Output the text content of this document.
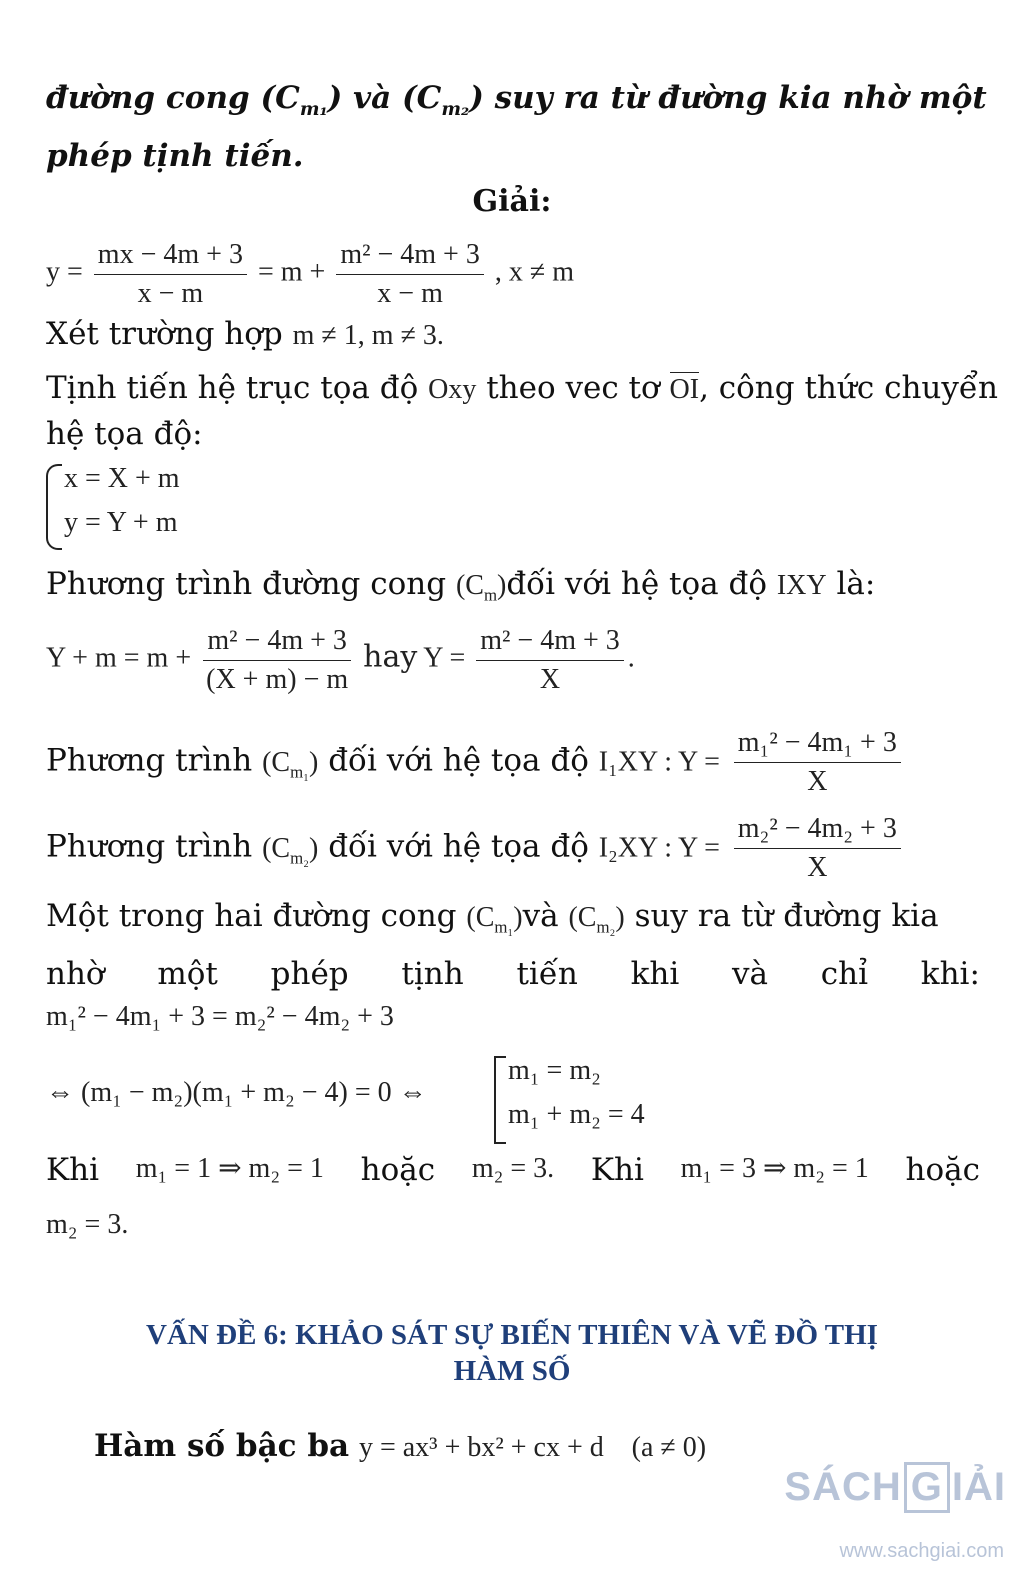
đường cong $(C_{m_1})$ và $(C_{m_2})$ suy ra từ đường kia nhờ một
phép tịnh tiến.
Giải:
$y = \frac{mx - 4m + 3}{x - m} = m + \frac{\text{m² − 4m + 3}}{x - m}$ , x ≠ m
Xét trường hợp m ≠ 1, m ≠ 3.
Tịnh tiến hệ trục tọa độ Oxy theo vec tơ OI, công thức chuyển
hệ tọa độ:
x = X + m
y = Y + m
Phương trình đường cong $(C_m)đối$ với hệ tọa độ IXY là:
$Y + m = m + \frac{\text{m² − 4m + 3}}{(X + m) - m}$ hay $Y = \frac{\text{m² − 4m + 3}}{X}$ .
Phương trình $(C_{m_1})$ đối với hệ tọa độ I₁XY : $Y = \frac{\text{m₁² − 4m₁ + 3}}{X}$
Phương trình $(C_{m_2})$ đối với hệ tọa độ I₂XY : $Y = \frac{\text{m₂² − 4m₂ + 3}}{X}$
Một trong hai đường cong $(C_{m_1})và$ $(C_{m_2})$ suy ra từ đường kia
nhờ một phép tịnh tiến khi và chỉ khi:
m₁² − 4m₁ + 3 = m₂² − 4m₂ + 3
⇔ (m₁ − m₂)(m₁ + m₂ − 4) = 0 ⇔
m₁ = m₂
m₁ + m₂ = 4
Khi m₁ = 1 ⇒ m₂ = 1 hoặc m₂ = 3. Khi m₁ = 3 ⇒ m₂ = 1 hoặc
m₂ = 3.
VẤN ĐỀ 6: KHẢO SÁT SỰ BIẾN THIÊN VÀ VẼ ĐỒ THỊ
HÀM SỐ
Hàm số bậc ba y = ax³ + bx² + cx + d (a ≠ 0)
SÁCH G IẢI
www.sachgiai.com
